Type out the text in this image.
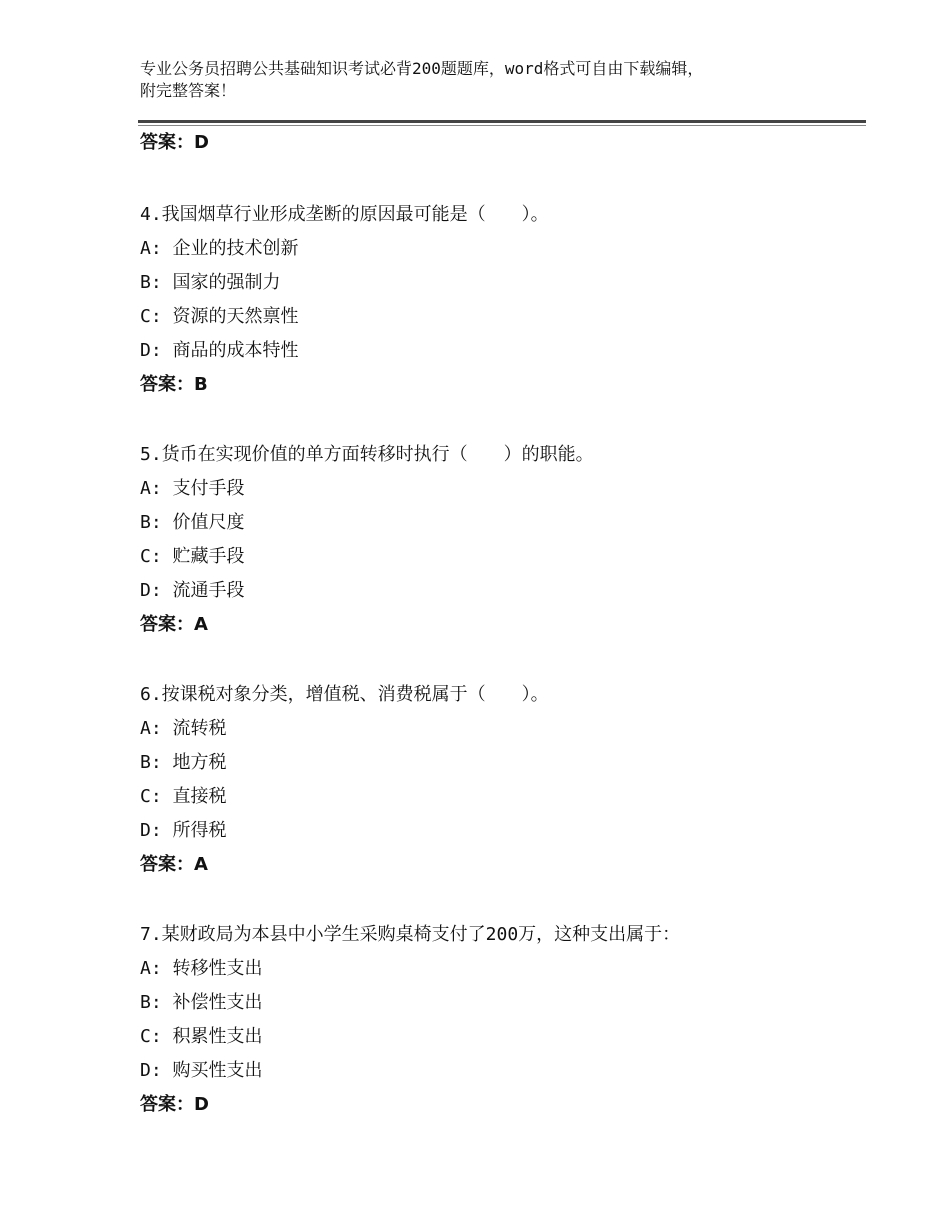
专业公务员招聘公共基础知识考试必背200题题库，word格式可自由下载编辑，
附完整答案！
答案：D
4.我国烟草行业形成垄断的原因最可能是（　　）。
A: 企业的技术创新
B: 国家的强制力
C: 资源的天然禀性
D: 商品的成本特性
答案：B
5.货币在实现价值的单方面转移时执行（　　）的职能。
A: 支付手段
B: 价值尺度
C: 贮藏手段
D: 流通手段
答案：A
6.按课税对象分类，增值税、消费税属于（　　）。
A: 流转税
B: 地方税
C: 直接税
D: 所得税
答案：A
7.某财政局为本县中小学生采购桌椅支付了200万，这种支出属于：
A: 转移性支出
B: 补偿性支出
C: 积累性支出
D: 购买性支出
答案：D
